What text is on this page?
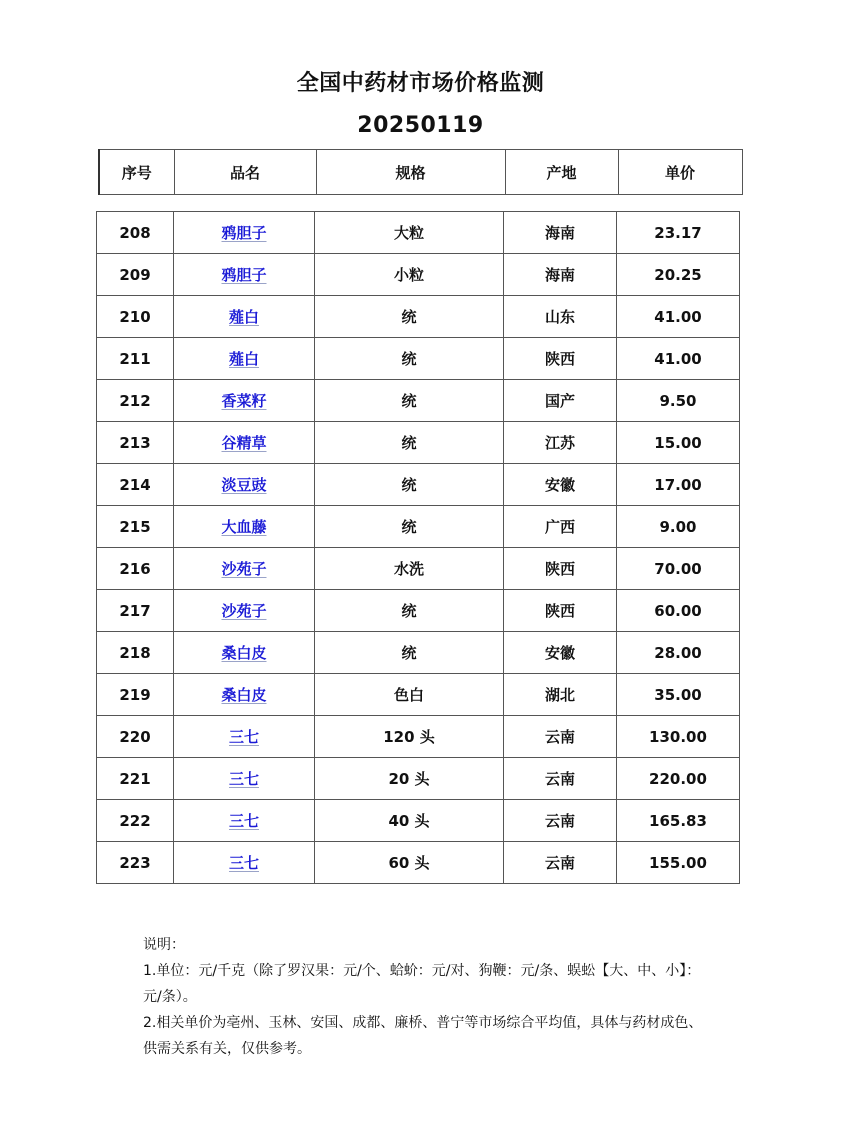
全国中药材市场价格监测
20250119
序号	品名	规格	产地	单价
208	鸦胆子	大粒	海南	23.17
209	鸦胆子	小粒	海南	20.25
210	薤白	统	山东	41.00
211	薤白	统	陕西	41.00
212	香菜籽	统	国产	9.50
213	谷精草	统	江苏	15.00
214	淡豆豉	统	安徽	17.00
215	大血藤	统	广西	9.00
216	沙苑子	水洗	陕西	70.00
217	沙苑子	统	陕西	60.00
218	桑白皮	统	安徽	28.00
219	桑白皮	色白	湖北	35.00
220	三七	120 头	云南	130.00
221	三七	20 头	云南	220.00
222	三七	40 头	云南	165.83
223	三七	60 头	云南	155.00

说明：

1.单位：元/千克（除了罗汉果：元/个、蛤蚧：元/对、狗鞭：元/条、蜈蚣【大、中、小】：元/条）。

2.相关单价为亳州、玉林、安国、成都、廉桥、普宁等市场综合平均值，具体与药材成色、供需关系有关，仅供参考。
